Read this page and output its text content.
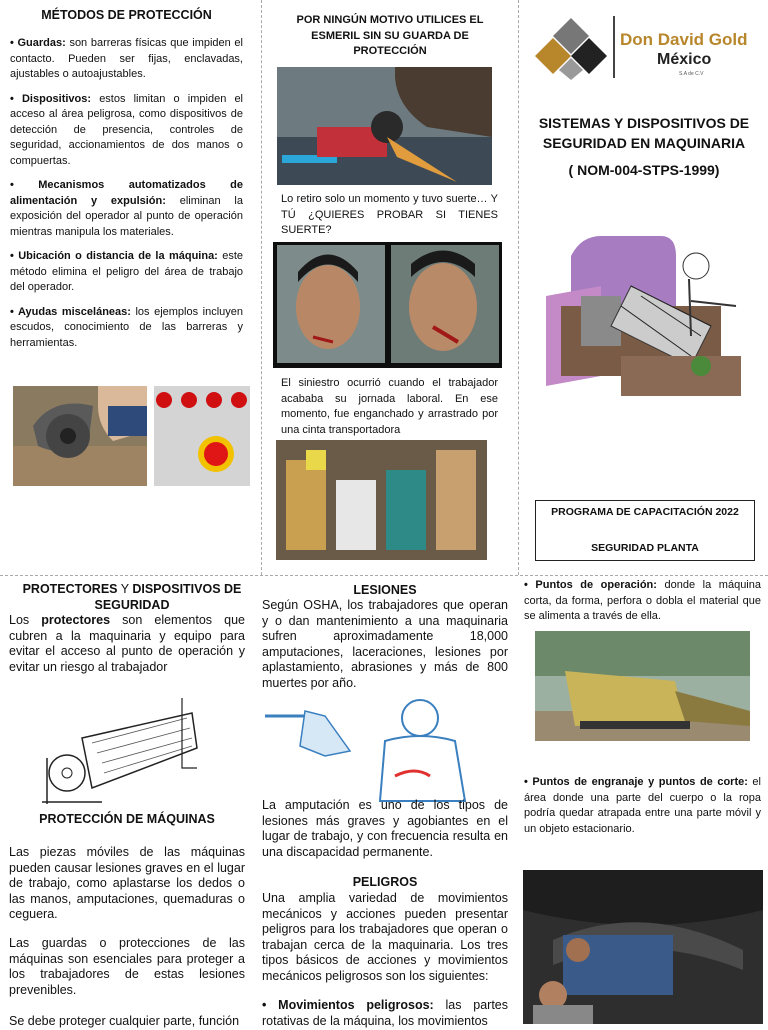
MÉTODOS DE PROTECCIÓN

• Guardas: son barreras físicas que impiden el contacto. Pueden ser fijas, enclavadas, ajustables o autoajustables.

• Dispositivos: estos limitan o impiden el acceso al área peligrosa, como dispositivos de detección de presencia, controles de seguridad, accionamientos de dos manos o compuertas.

• Mecanismos automatizados de alimentación y expulsión: eliminan la exposición del operador al punto de operación mientras manipula los materiales.

• Ubicación o distancia de la máquina: este método elimina el peligro del área de trabajo del operador.

• Ayudas misceláneas: los ejemplos incluyen escudos, conocimiento de las barreras y herramientas.

POR NINGÚN MOTIVO UTILICES EL ESMERIL SIN SU GUARDA DE PROTECCIÓN
Lo retiro solo un momento y tuvo suerte… Y TÚ ¿QUIERES PROBAR SI TIENES SUERTE?
El siniestro ocurrió cuando el trabajador acababa su jornada laboral. En ese momento, fue enganchado y arrastrado por una cinta transportadora
Don David Gold
México
S.A de C.V
SISTEMAS Y DISPOSITIVOS DE SEGURIDAD EN MAQUINARIA
( NOM-004-STPS-1999)
PROGRAMA DE CAPACITACIÓN 2022
SEGURIDAD PLANTA
PROTECTORES Y DISPOSITIVOS DE SEGURIDAD

Los protectores son elementos que cubren a la maquinaria y equipo para evitar el acceso al punto de operación y evitar un riesgo al trabajador

PROTECCIÓN DE MÁQUINAS

Las piezas móviles de las máquinas pueden causar lesiones graves en el lugar de trabajo, como aplastarse los dedos o las manos, amputaciones, quemaduras o ceguera.

Las guardas o protecciones de las máquinas son esenciales para proteger a los trabajadores de estas lesiones prevenibles.

Se debe proteger cualquier parte, función

LESIONES

Según OSHA, los trabajadores que operan y o dan mantenimiento a una maquinaria sufren aproximadamente 18,000 amputaciones, laceraciones, lesiones por aplastamiento, abrasiones y más de 800 muertes por año.

La amputación es uno de los tipos de lesiones más graves y agobiantes en el lugar de trabajo, y con frecuencia resulta en una discapacidad permanente.

PELIGROS

Una amplia variedad de movimientos mecánicos y acciones pueden presentar peligros para los trabajadores que operan o trabajan cerca de la maquinaria. Los tres tipos básicos de acciones y movimientos mecánicos peligrosos son los siguientes:

• Movimientos peligrosos: las partes rotativas de la máquina, los movimientos

• Puntos de operación: donde la máquina corta, da forma, perfora o dobla el material que se alimenta a través de ella.

• Puntos de engranaje y puntos de corte: el área donde una parte del cuerpo o la ropa podría quedar atrapada entre una parte móvil y un objeto estacionario.
